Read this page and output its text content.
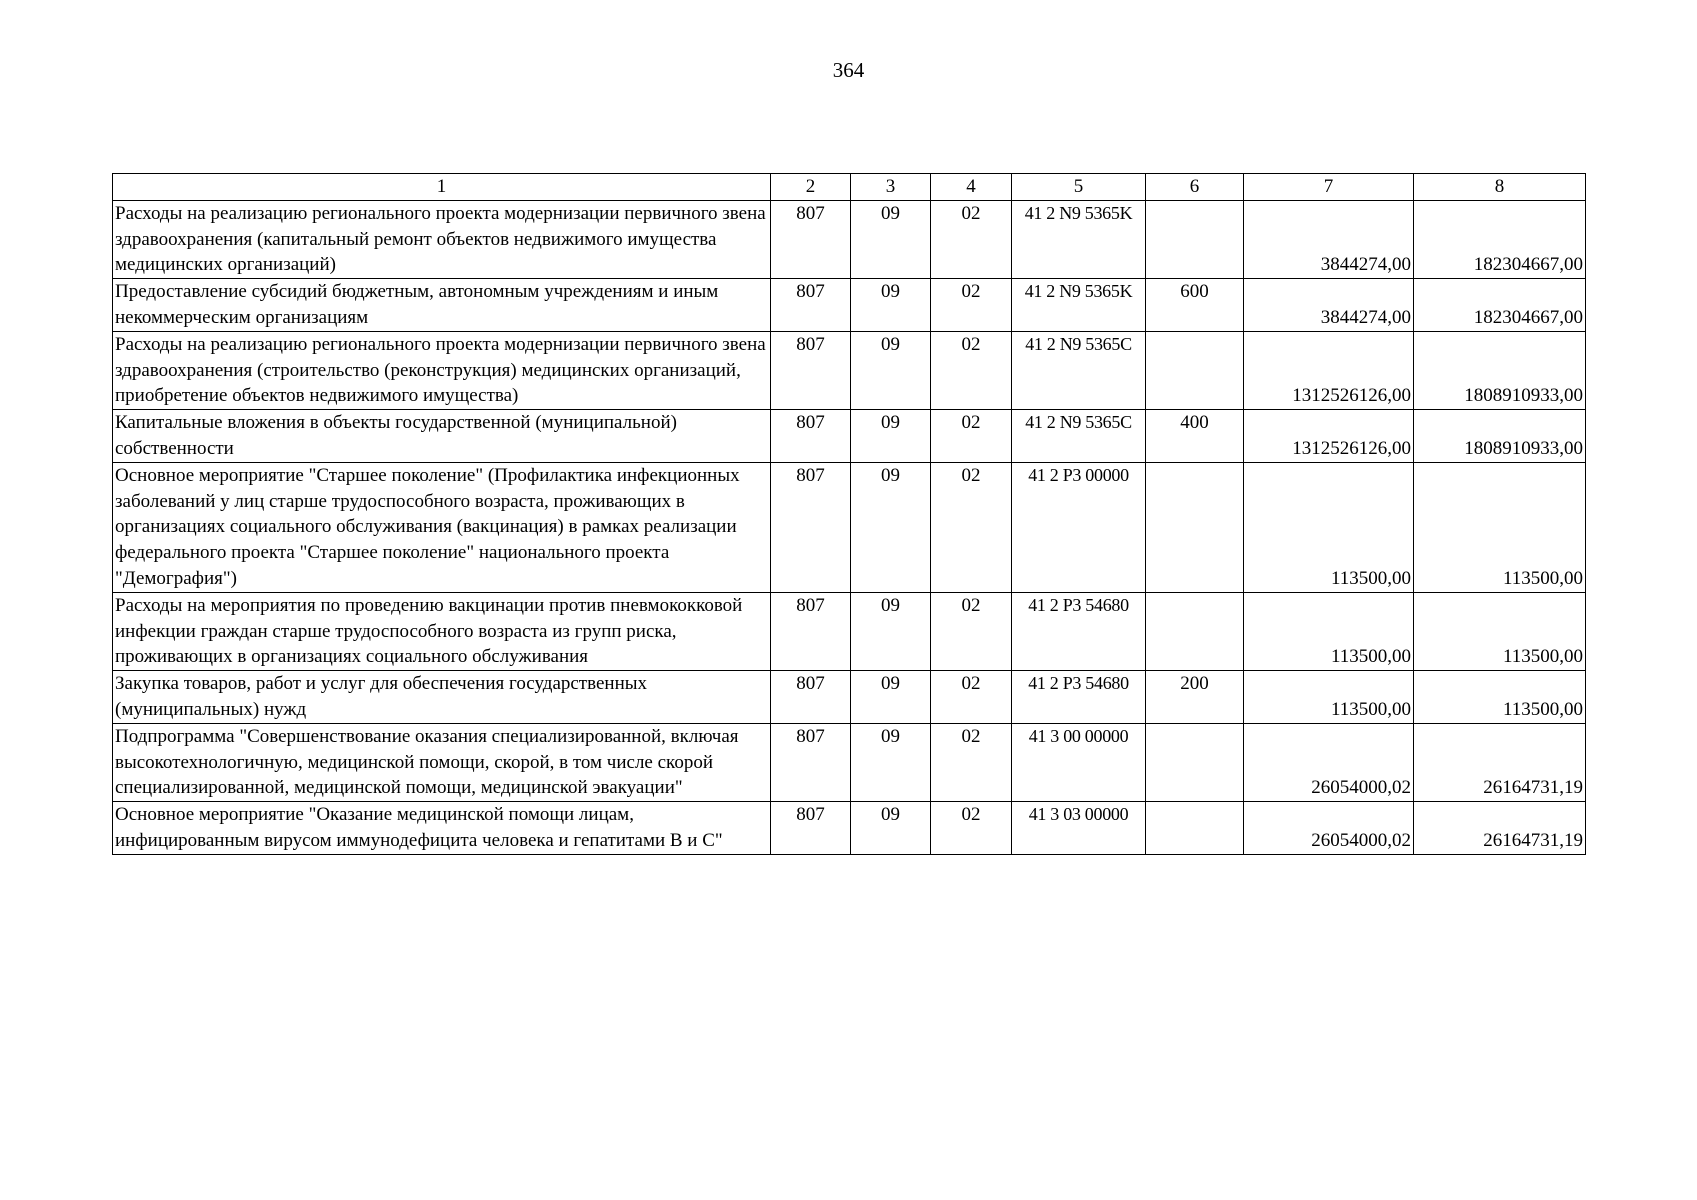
364
1	2	3	4	5	6	7	8
Расходы на реализацию регионального проекта модернизации первичного звена здравоохранения (капитальный ремонт объектов недвижимого имущества медицинских организаций)	807	09	02	41 2 N9 5365K		3844274,00	182304667,00
Предоставление субсидий бюджетным, автономным учреждениям и иным некоммерческим организациям	807	09	02	41 2 N9 5365K	600	3844274,00	182304667,00
Расходы на реализацию регионального проекта модернизации первичного звена здравоохранения (строительство (реконструкция) медицинских организаций, приобретение объектов недвижимого имущества)	807	09	02	41 2 N9 5365C		1312526126,00	1808910933,00
Капитальные вложения в объекты государственной (муниципальной) собственности	807	09	02	41 2 N9 5365C	400	1312526126,00	1808910933,00
Основное мероприятие "Старшее поколение" (Профилактика инфекционных заболеваний у лиц старше трудоспособного возраста, проживающих в организациях социального обслуживания (вакцинация) в рамках реализации федерального проекта "Старшее поколение" национального проекта "Демография")	807	09	02	41 2 P3 00000		113500,00	113500,00
Расходы на мероприятия по проведению вакцинации против пневмококковой инфекции граждан старше трудоспособного возраста из групп риска, проживающих в организациях социального обслуживания	807	09	02	41 2 P3 54680		113500,00	113500,00
Закупка товаров, работ и услуг для обеспечения государственных (муниципальных) нужд	807	09	02	41 2 P3 54680	200	113500,00	113500,00
Подпрограмма "Совершенствование оказания специализированной, включая высокотехнологичную, медицинской помощи, скорой, в том числе скорой специализированной, медицинской помощи, медицинской эвакуации"	807	09	02	41 3 00 00000		26054000,02	26164731,19
Основное мероприятие "Оказание медицинской помощи лицам, инфицированным вирусом иммунодефицита человека и гепатитами В и С"	807	09	02	41 3 03 00000		26054000,02	26164731,19
